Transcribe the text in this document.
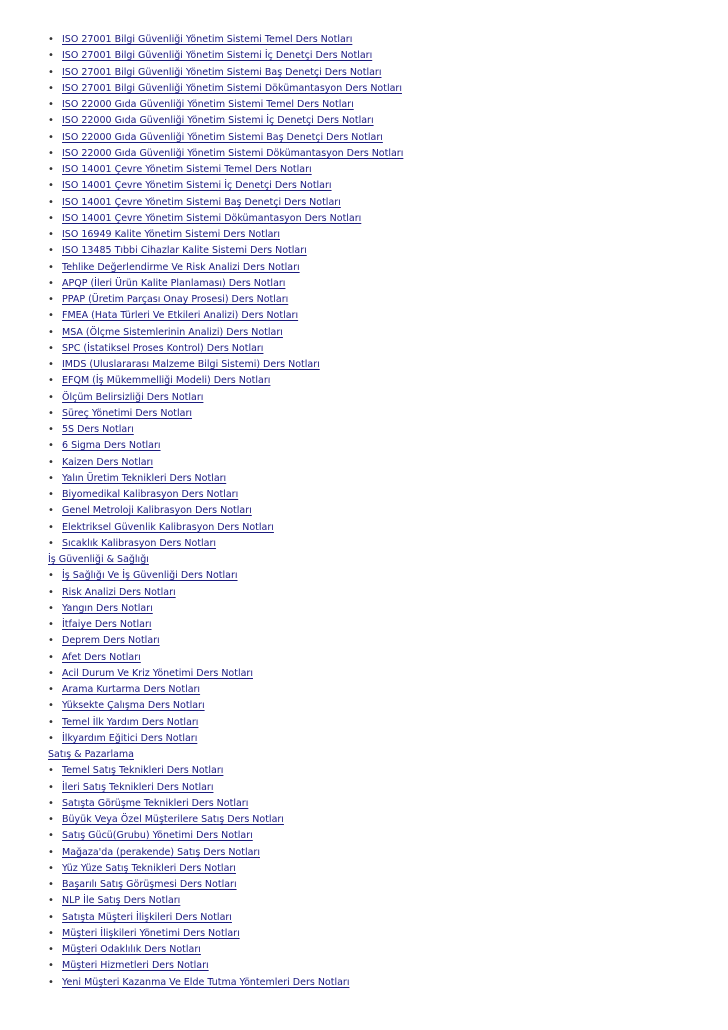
• ISO 27001 Bilgi Güvenliği Yönetim Sistemi Temel Ders Notları
• ISO 27001 Bilgi Güvenliği Yönetim Sistemi İç Denetçi Ders Notları
• ISO 27001 Bilgi Güvenliği Yönetim Sistemi Baş Denetçi Ders Notları
• ISO 27001 Bilgi Güvenliği Yönetim Sistemi Dökümantasyon Ders Notları
• ISO 22000 Gıda Güvenliği Yönetim Sistemi Temel Ders Notları
• ISO 22000 Gıda Güvenliği Yönetim Sistemi İç Denetçi Ders Notları
• ISO 22000 Gıda Güvenliği Yönetim Sistemi Baş Denetçi Ders Notları
• ISO 22000 Gıda Güvenliği Yönetim Sistemi Dökümantasyon Ders Notları
• ISO 14001 Çevre Yönetim Sistemi Temel Ders Notları
• ISO 14001 Çevre Yönetim Sistemi İç Denetçi Ders Notları
• ISO 14001 Çevre Yönetim Sistemi Baş Denetçi Ders Notları
• ISO 14001 Çevre Yönetim Sistemi Dökümantasyon Ders Notları
• ISO 16949 Kalite Yönetim Sistemi Ders Notları
• ISO 13485 Tıbbi Cihazlar Kalite Sistemi Ders Notları
• Tehlike Değerlendirme Ve Risk Analizi Ders Notları
• APQP (İleri Ürün Kalite Planlaması) Ders Notları
• PPAP (Üretim Parçası Onay Prosesi) Ders Notları
• FMEA (Hata Türleri Ve Etkileri Analizi) Ders Notları
• MSA (Ölçme Sistemlerinin Analizi) Ders Notları
• SPC (İstatiksel Proses Kontrol) Ders Notları
• IMDS (Uluslararası Malzeme Bilgi Sistemi) Ders Notları
• EFQM (İş Mükemmelliği Modeli) Ders Notları
• Ölçüm Belirsizliği Ders Notları
• Süreç Yönetimi Ders Notları
• 5S Ders Notları
• 6 Sigma Ders Notları
• Kaizen Ders Notları
• Yalın Üretim Teknikleri Ders Notları
• Biyomedikal Kalibrasyon Ders Notları
• Genel Metroloji Kalibrasyon Ders Notları
• Elektriksel Güvenlik Kalibrasyon Ders Notları
• Sıcaklık Kalibrasyon Ders Notları
İş Güvenliği & Sağlığı
• İş Sağlığı Ve İş Güvenliği Ders Notları
• Risk Analizi Ders Notları
• Yangın Ders Notları
• İtfaiye Ders Notları
• Deprem Ders Notları
• Afet Ders Notları
• Acil Durum Ve Kriz Yönetimi Ders Notları
• Arama Kurtarma Ders Notları
• Yüksekte Çalışma Ders Notları
• Temel İlk Yardım Ders Notları
• İlkyardım Eğitici Ders Notları
Satış & Pazarlama
• Temel Satış Teknikleri Ders Notları
• İleri Satış Teknikleri Ders Notları
• Satışta Görüşme Teknikleri Ders Notları
• Büyük Veya Özel Müşterilere Satış Ders Notları
• Satış Gücü(Grubu) Yönetimi Ders Notları
• Mağaza'da (perakende) Satış Ders Notları
• Yüz Yüze Satış Teknikleri Ders Notları
• Başarılı Satış Görüşmesi Ders Notları
• NLP İle Satış Ders Notları
• Satışta Müşteri İlişkileri Ders Notları
• Müşteri İlişkileri Yönetimi Ders Notları
• Müşteri Odaklılık Ders Notları
• Müşteri Hizmetleri Ders Notları
• Yeni Müşteri Kazanma Ve Elde Tutma Yöntemleri Ders Notları
